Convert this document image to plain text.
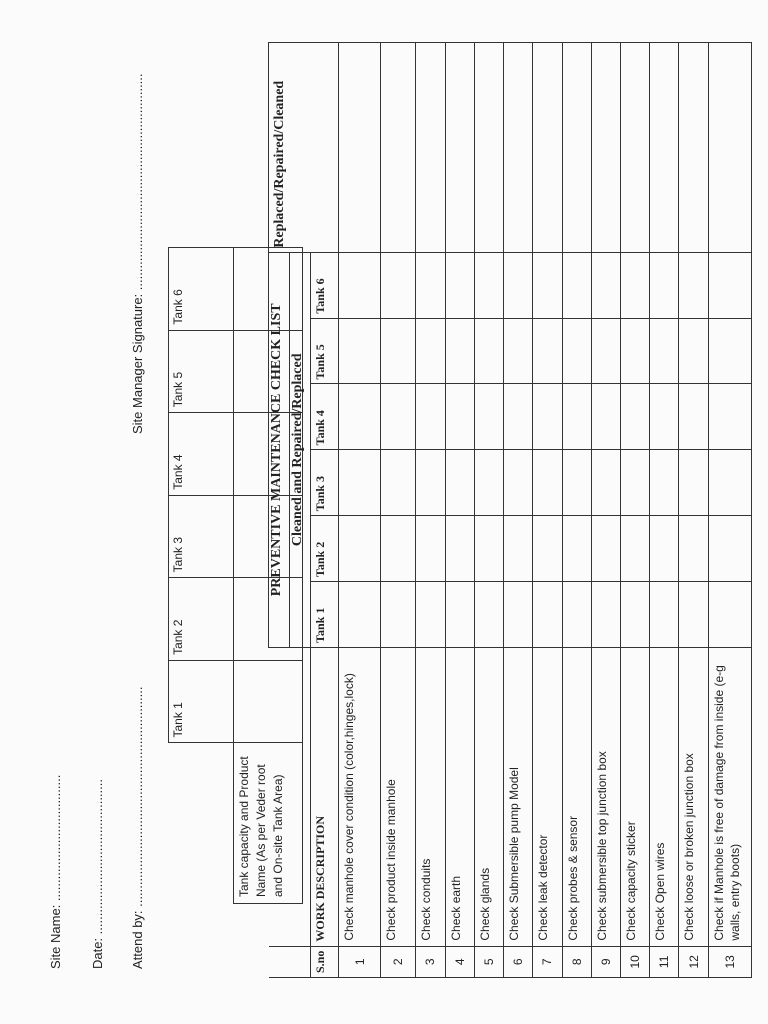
Site Name: ...................................
Date: ...........................................
Attend by: .............................................................
Site Manager Signature: ............................................................
	Tank 1	Tank 2	Tank 3	Tank 4	Tank 5	Tank 6
Tank capacity and Product Name (As per Veder root and On-site Tank Area)						
		PREVENTIVE MAINTENANCE CHECK LIST						Replaced/Repaired/Cleaned
		Cleaned and Repaired/Replaced						
S.no	WORK DESCRIPTION	Tank 1	Tank 2	Tank 3	Tank 4	Tank 5	Tank 6	
1	Check manhole cover condition (color,hinges,lock)							
2	Check product inside manhole							
3	Check conduits							
4	Check earth							
5	Check glands							
6	Check Submersible pump Model							
7	Check leak detector							
8	Check probes & sensor							
9	Check submersible top junction box							
10	Check capacity sticker							
11	Check Open wires							
12	Check loose or broken junction box							
13	Check if Manhole is free of damage from inside (e-g walls, entry boots)							
